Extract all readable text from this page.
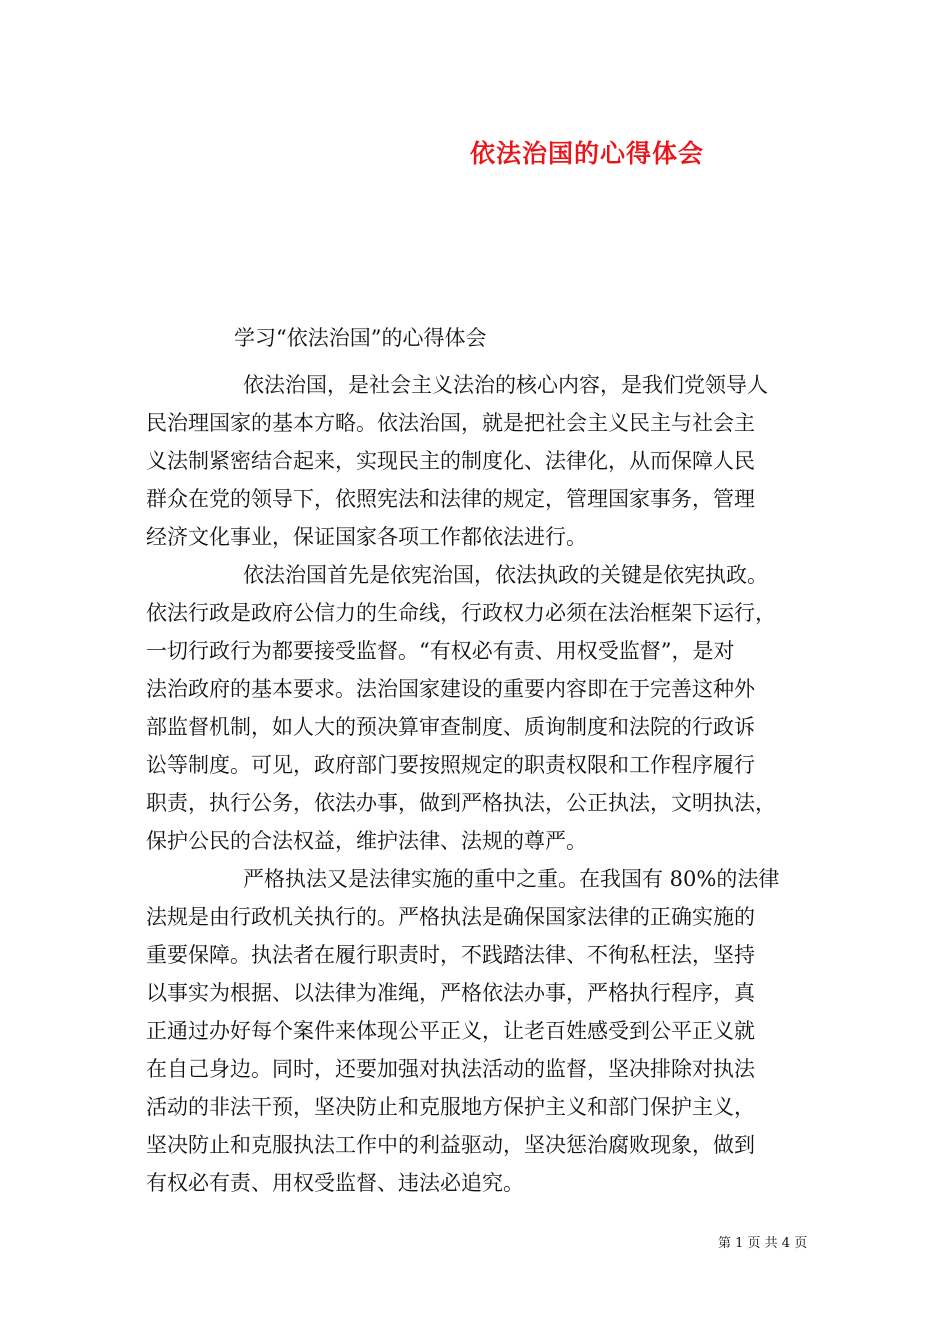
依法治国的心得体会
学习“依法治国”的心得体会
依法治国，是社会主义法治的核心内容，是我们党领导人
民治理国家的基本方略。依法治国，就是把社会主义民主与社会主
义法制紧密结合起来，实现民主的制度化、法律化，从而保障人民
群众在党的领导下，依照宪法和法律的规定，管理国家事务，管理
经济文化事业，保证国家各项工作都依法进行。
依法治国首先是依宪治国，依法执政的关键是依宪执政。
依法行政是政府公信力的生命线，行政权力必须在法治框架下运行，
一切行政行为都要接受监督。“有权必有责、用权受监督”，是对
法治政府的基本要求。法治国家建设的重要内容即在于完善这种外
部监督机制，如人大的预决算审查制度、质询制度和法院的行政诉
讼等制度。可见，政府部门要按照规定的职责权限和工作程序履行
职责，执行公务，依法办事，做到严格执法，公正执法，文明执法，
保护公民的合法权益，维护法律、法规的尊严。
严格执法又是法律实施的重中之重。在我国有 80%的法律
法规是由行政机关执行的。严格执法是确保国家法律的正确实施的
重要保障。执法者在履行职责时，不践踏法律、不徇私枉法，坚持
以事实为根据、以法律为准绳，严格依法办事，严格执行程序，真
正通过办好每个案件来体现公平正义，让老百姓感受到公平正义就
在自己身边。同时，还要加强对执法活动的监督，坚决排除对执法
活动的非法干预，坚决防止和克服地方保护主义和部门保护主义，
坚决防止和克服执法工作中的利益驱动，坚决惩治腐败现象，做到
有权必有责、用权受监督、违法必追究。
第 1 页 共 4 页
